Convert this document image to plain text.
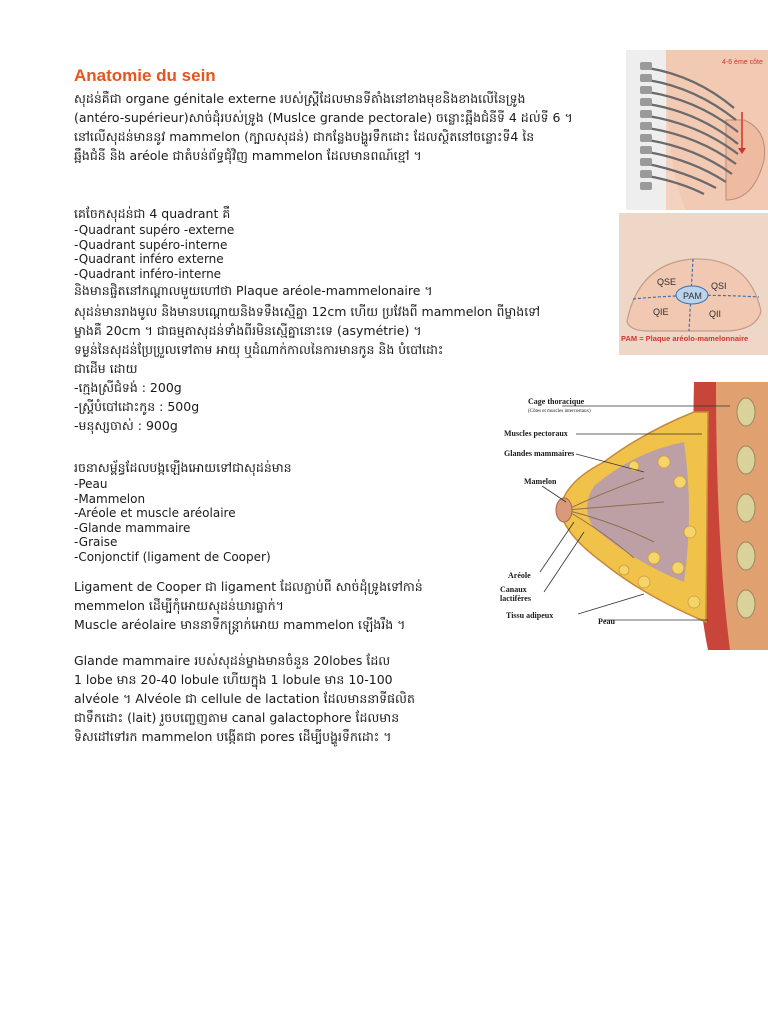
Anatomie du sein

សុដន់គឺជា organe génitale externe របស់ស្រ្តីដែលមានទីតាំងនៅខាងមុខនិងខាងលើនៃទ្រូង

(antéro-supérieur)សាច់ដុំរបស់ទ្រូង (Muslce grande pectorale) ចន្លោះឆ្អឹងជំនីទី 4 ដល់ទី 6 ។

នៅលើសុដន់មាននូវ mammelon (ក្បាលសុដន់) ជាកន្លែងបង្ហូរទឹកដោះ ដែលស្ថិតនៅចន្លោះទី4 នៃ

ឆ្អឹងជំនី និង aréole ជាតំបន់ព័ទ្ធជុំវិញ mammelon ដែលមានពណ៍ខ្មៅ ។

គេចែកសុដន់ជា 4 quadrant គឺ

-Quadrant supéro -externe

-Quadrant supéro-interne

-Quadrant inféro externe

-Quadrant inféro-interne

និងមានផ្ចិតនៅកណ្តាលមួយហៅថា Plaque aréole-mammelonaire ។

សុដន់មានរាងមូល និងមានបណ្តោយនិងទទឹងស្មើគ្នា 12cm ហើយ ប្រវែងពី mammelon ពីម្ខាងទៅ

ម្ខាងគឺ 20cm ។ ជាធម្មតាសុដន់ទាំងពីរមិនស្មើគ្នានោះទេ (asymétrie) ។

ទម្ងន់នៃសុដន់ប្រែប្រួលទៅតាម អាយុ ឬដំណាក់កាលនៃការមានកូន និង បំបៅដោះ

ជាដើម ដោយ

-ក្មេងស្រីជំទង់ : 200g

-ស្រ្តីបំបៅដោះកូន : 500g

-មនុស្សចាស់ : 900g

រចនាសម្ព័ន្ធដែលបង្កឡើងអោយទៅជាសុដន់មាន

-Peau

-Mammelon

-Aréole et muscle aréolaire

-Glande mammaire

-Graise

-Conjonctif (ligament de Cooper)

Ligament de Cooper ជា ligament ដែលភ្ជាប់ពី សាច់ដុំទ្រូងទៅកាន់

memmelon ដើម្បីកុំអោយសុដន់ឃារធ្លាក់។

Muscle aréolaire មាននាទីកន្ត្រាក់អោយ mammelon ឡើងរឹង ។

Glande mammaire របស់សុដន់ម្ខាងមានចំនួន 20lobes ដែល

1 lobe មាន 20-40 lobule ហើយក្នុង 1 lobule មាន 10-100

alvéole ។ Alvéole ជា cellule de lactation ដែលមាននាទីផលិត

ជាទឹកដោះ (lait) រួចបញ្ចេញតាម canal galactophore ដែលមាន

ទិសដៅទៅរក mammelon បង្កើតជា pores ដើម្បីបង្ហូរទឹកដោះ ។

4-6 ème côte
QSE	QSI
PAM
QIE	QII
PAM = Plaque aréolo-mamelonnaire
Cage thoracique
(Côtes et muscles intercostaux)
Muscles pectoraux
Glandes mammaires
Mamelon
Aréole
Canaux
lactifères
Tissu adipeux
Peau
